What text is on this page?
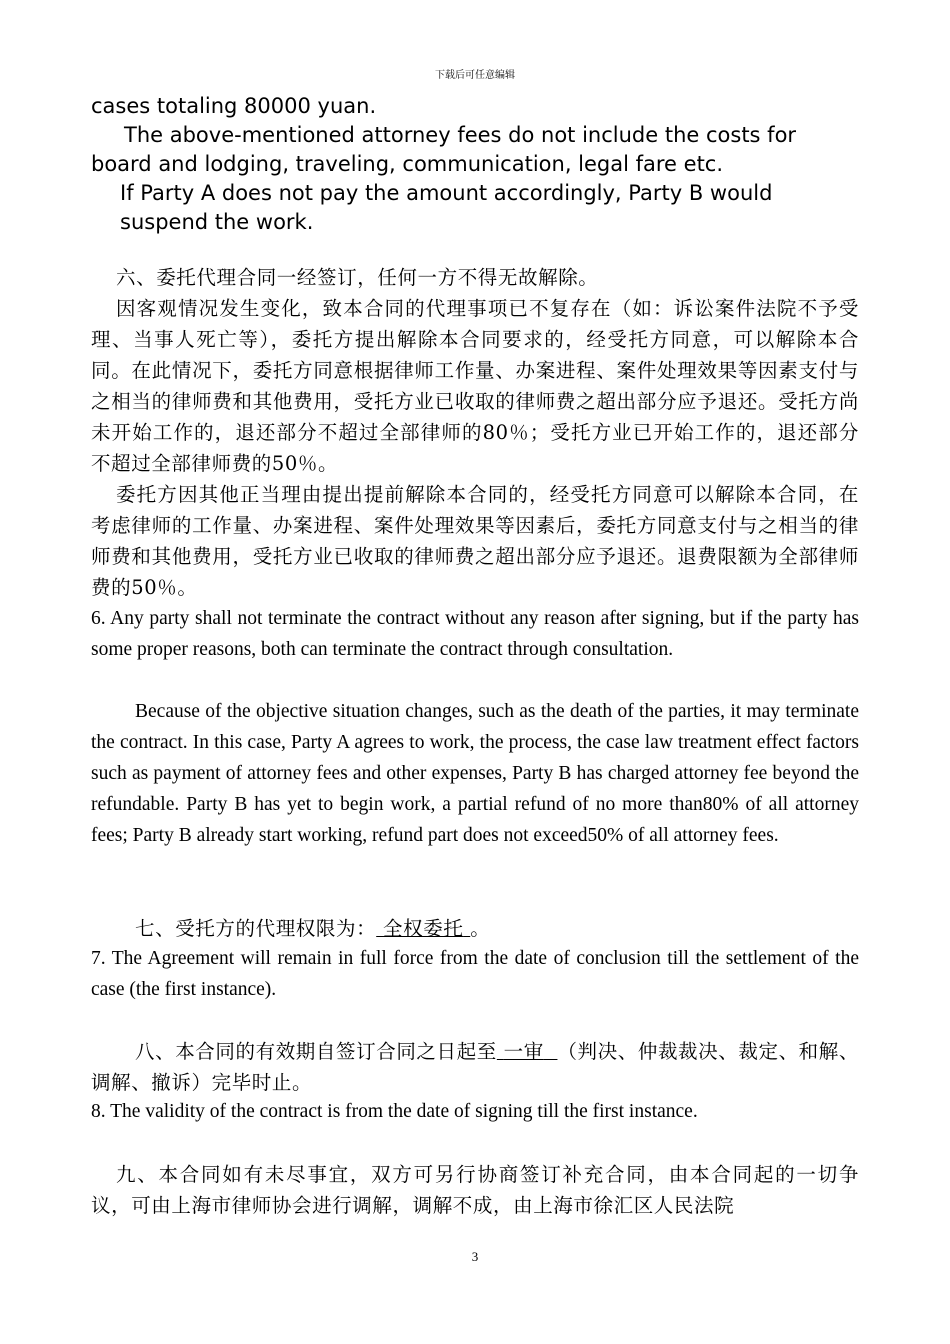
下载后可任意编辑

cases totaling 80000 yuan.

The above-mentioned attorney fees do not include the costs for board and lodging, traveling, communication, legal fare etc.

If Party A does not pay the amount accordingly, Party B would suspend the work.

六、委托代理合同一经签订，任何一方不得无故解除。

因客观情况发生变化，致本合同的代理事项已不复存在（如：诉讼案件法院不予受理、当事人死亡等），委托方提出解除本合同要求的，经受托方同意，可以解除本合同。在此情况下，委托方同意根据律师工作量、办案进程、案件处理效果等因素支付与之相当的律师费和其他费用，受托方业已收取的律师费之超出部分应予退还。受托方尚未开始工作的，退还部分不超过全部律师的80％；受托方业已开始工作的，退还部分不超过全部律师费的50％。

委托方因其他正当理由提出提前解除本合同的，经受托方同意可以解除本合同，在考虑律师的工作量、办案进程、案件处理效果等因素后，委托方同意支付与之相当的律师费和其他费用，受托方业已收取的律师费之超出部分应予退还。退费限额为全部律师费的50％。

6. Any party shall not terminate the contract without any reason after signing, but if the party has some proper reasons, both can terminate the contract through consultation.

Because of the objective situation changes, such as the death of the parties, it may terminate the contract. In this case, Party A agrees to work, the process, the case law treatment effect factors such as payment of attorney fees and other expenses, Party B has charged attorney fee beyond the refundable. Party B has yet to begin work, a partial refund of no more than80% of all attorney fees; Party B already start working, refund part does not exceed50% of all attorney fees.

七、受托方的代理权限为： 全权委托 。

7. The Agreement will remain in full force from the date of conclusion till the settlement of the case (the first instance).

八、本合同的有效期自签订合同之日起至 一审 （判决、仲裁裁决、裁定、和解、调解、撤诉）完毕时止。

8. The validity of the contract is from the date of signing till the first instance.

九、本合同如有未尽事宜，双方可另行协商签订补充合同，由本合同起的一切争议，可由上海市律师协会进行调解，调解不成，由上海市徐汇区人民法院

3
